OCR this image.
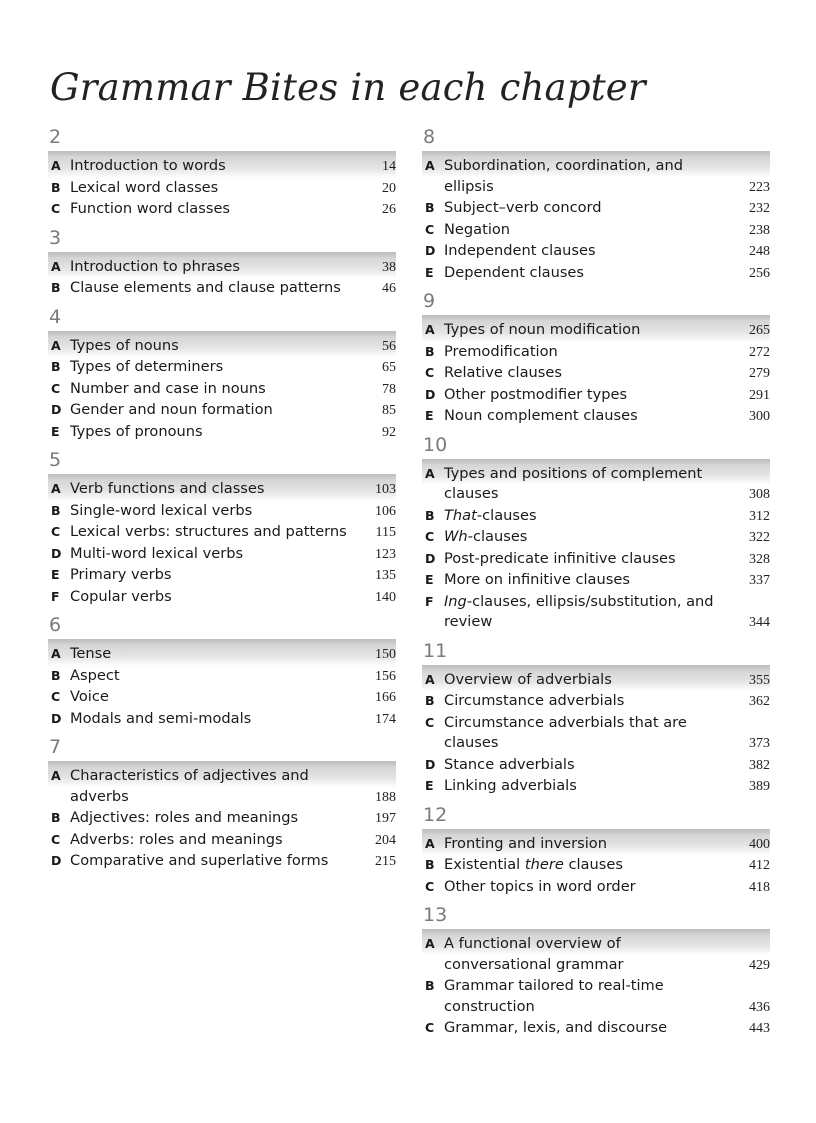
Grammar Bites in each chapter
2
A Introduction to words	14
B Lexical word classes	20
C Function word classes	26
3
A Introduction to phrases	38
B Clause elements and clause patterns	46
4
A Types of nouns	56
B Types of determiners	65
C Number and case in nouns	78
D Gender and noun formation	85
E Types of pronouns	92
5
A Verb functions and classes	103
B Single-word lexical verbs	106
C Lexical verbs: structures and patterns	115
D Multi-word lexical verbs	123
E Primary verbs	135
F Copular verbs	140
6
A Tense	150
B Aspect	156
C Voice	166
D Modals and semi-modals	174
7
A Characteristics of adjectives and
adverbs	188
B Adjectives: roles and meanings	197
C Adverbs: roles and meanings	204
D Comparative and superlative forms	215
8
A Subordination, coordination, and
ellipsis	223
B Subject–verb concord	232
C Negation	238
D Independent clauses	248
E Dependent clauses	256
9
A Types of noun modification	265
B Premodification	272
C Relative clauses	279
D Other postmodifier types	291
E Noun complement clauses	300
10
A Types and positions of complement
clauses	308
B That-clauses	312
C Wh-clauses	322
D Post-predicate infinitive clauses	328
E More on infinitive clauses	337
F Ing-clauses, ellipsis/substitution, and
review	344
11
A Overview of adverbials	355
B Circumstance adverbials	362
C Circumstance adverbials that are
clauses	373
D Stance adverbials	382
E Linking adverbials	389
12
A Fronting and inversion	400
B Existential there clauses	412
C Other topics in word order	418
13
A A functional overview of
conversational grammar	429
B Grammar tailored to real-time
construction	436
C Grammar, lexis, and discourse	443
